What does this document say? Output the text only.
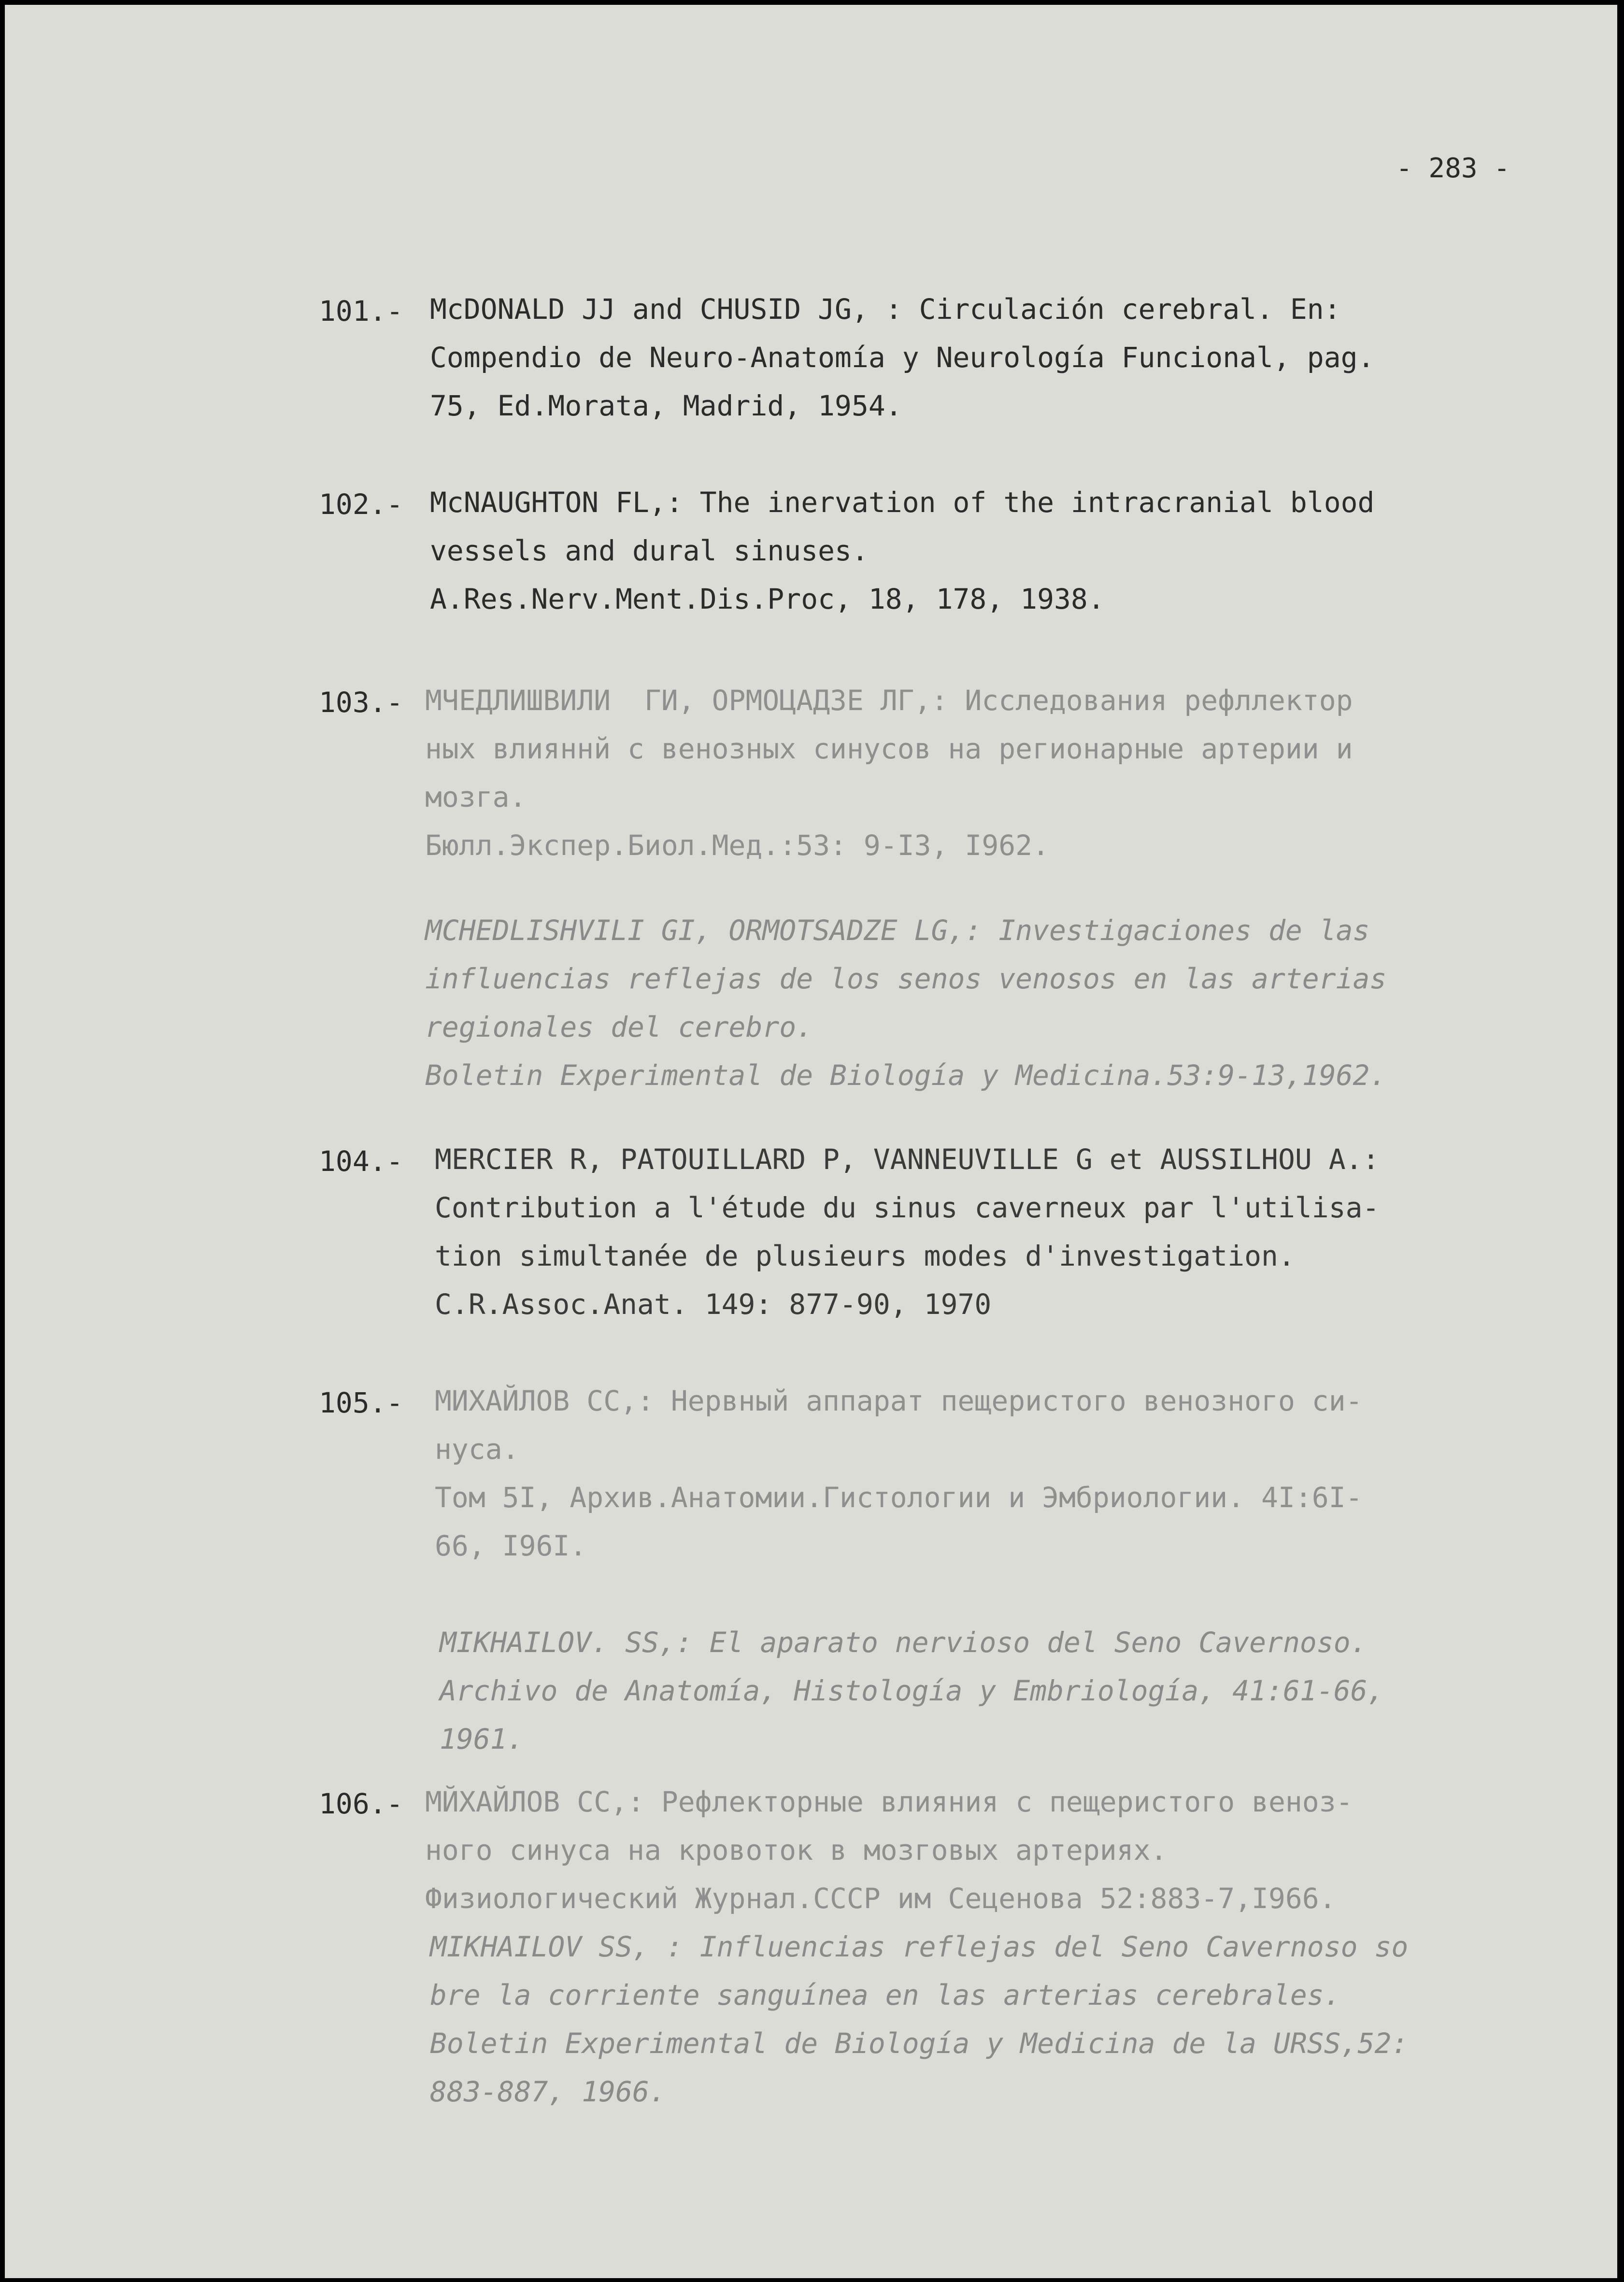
- 283 -
101.- McDONALD JJ and CHUSID JG, : Circulación cerebral. En:
Compendio de Neuro-Anatomía y Neurología Funcional, pag.
75, Ed.Morata, Madrid, 1954.
102.- McNAUGHTON FL,: The inervation of the intracranial blood
vessels and dural sinuses.
A.Res.Nerv.Ment.Dis.Proc, 18, 178, 1938.
103.- МЧЕДЛИШВИЛИ  ГИ, ОРМОЦАДЗЕ ЛГ,: Исследования рефллектор
ных влияннй с венозных синусов на регионарные артерии и
мозга.
Бюлл.Экспер.Биол.Мед.:53: 9-I3, I962.
MCHEDLISHVILI GI, ORMOTSADZE LG,: Investigaciones de las
influencias reflejas de los senos venosos en las arterias
regionales del cerebro.
Boletin Experimental de Biología y Medicina.53:9-13,1962.
104.- MERCIER R, PATOUILLARD P, VANNEUVILLE G et AUSSILHOU A.:
Contribution a l'étude du sinus caverneux par l'utilisa-
tion simultanée de plusieurs modes d'investigation.
C.R.Assoc.Anat. 149: 877-90, 1970
105.- МИХАЙЛОВ СС,: Нервный аппарат пещеристого венозного си-
нуса.
Том 5I, Архив.Анатомии.Гистологии и Эмбриологии. 4I:6I-
66, I96I.
MIKHAILOV. SS,: El aparato nervioso del Seno Cavernoso.
Archivo de Anatomía, Histología y Embriología, 41:61-66,
1961.
106.- МЙХАЙЛОВ СС,: Рефлекторные влияния с пещеристого веноз-
ного синуса на кровоток в мозговых артериях.
Физиологический Журнал.СССР им Сеценова 52:883-7,I966.
MIKHAILOV SS, : Influencias reflejas del Seno Cavernoso so
bre la corriente sanguínea en las arterias cerebrales.
Boletin Experimental de Biología y Medicina de la URSS,52:
883-887, 1966.
